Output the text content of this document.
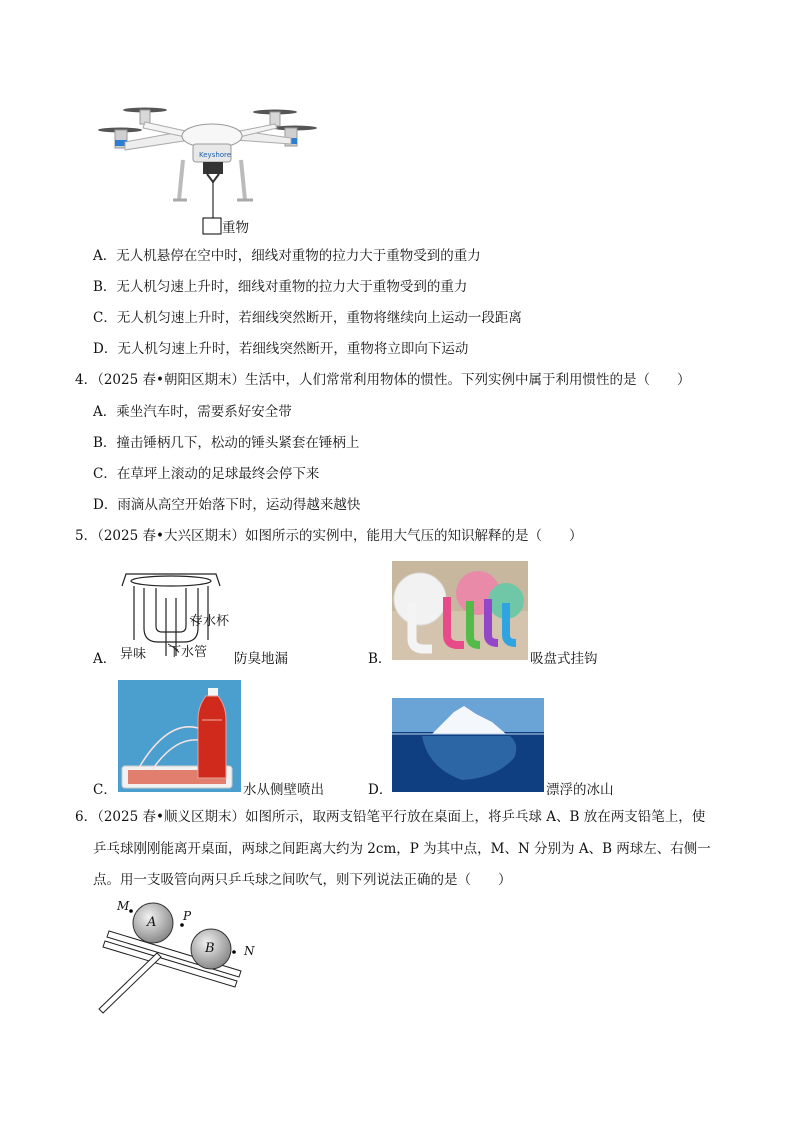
Keyshore
重物
A．无人机悬停在空中时，细线对重物的拉力大于重物受到的重力
B．无人机匀速上升时，细线对重物的拉力大于重物受到的重力
C．无人机匀速上升时，若细线突然断开，重物将继续向上运动一段距离
D．无人机匀速上升时，若细线突然断开，重物将立即向下运动
4．（2025 春•朝阳区期末）生活中，人们常常利用物体的惯性。下列实例中属于利用惯性的是（　　）
A．乘坐汽车时，需要系好安全带
B．撞击锤柄几下，松动的锤头紧套在锤柄上
C．在草坪上滚动的足球最终会停下来
D．雨滴从高空开始落下时，运动得越来越快
5．（2025 春•大兴区期末）如图所示的实例中，能用大气压的知识解释的是（　　）
A．
存水杯
异味 下水管 防臭地漏	B．	吸盘式挂钩
C．	水从侧壁喷出	D．	漂浮的冰山
6．（2025 春•顺义区期末）如图所示，取两支铅笔平行放在桌面上，将乒乓球 A、B 放在两支铅笔上，使
乒乓球刚刚能离开桌面，两球之间距离大约为 2cm，P 为其中点，M、N 分别为 A、B 两球左、右侧一
点。用一支吸管向两只乒乓球之间吹气，则下列说法正确的是（　　）
M
A P
B N
